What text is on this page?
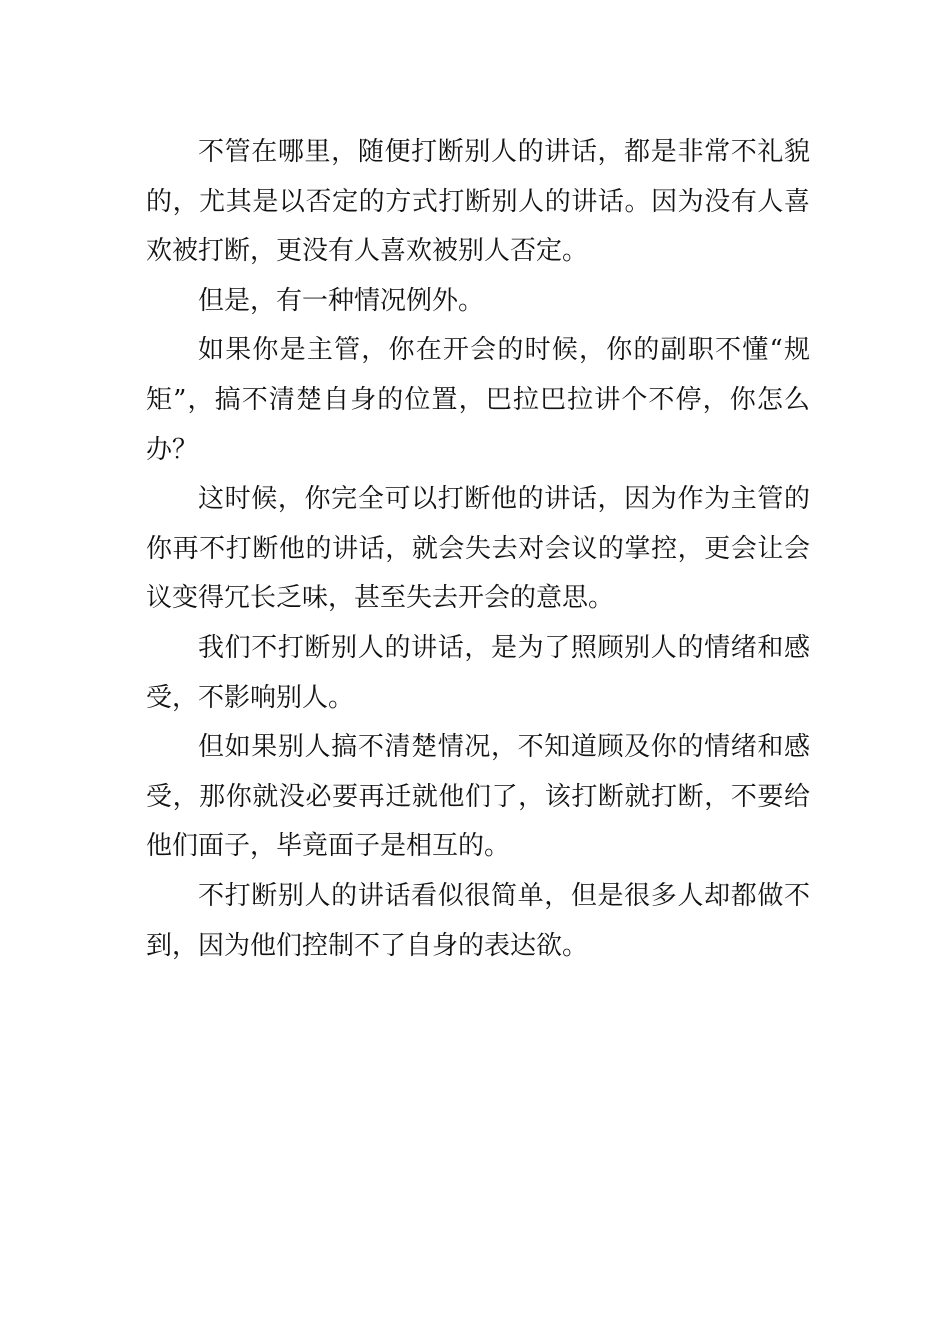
不管在哪里，随便打断别人的讲话，都是非常不礼貌的，尤其是以否定的方式打断别人的讲话。因为没有人喜欢被打断，更没有人喜欢被别人否定。

但是，有一种情况例外。

如果你是主管，你在开会的时候，你的副职不懂“规矩”，搞不清楚自身的位置，巴拉巴拉讲个不停，你怎么办？

这时候，你完全可以打断他的讲话，因为作为主管的你再不打断他的讲话，就会失去对会议的掌控，更会让会议变得冗长乏味，甚至失去开会的意思。

我们不打断别人的讲话，是为了照顾别人的情绪和感受，不影响别人。

但如果别人搞不清楚情况，不知道顾及你的情绪和感受，那你就没必要再迁就他们了，该打断就打断，不要给他们面子，毕竟面子是相互的。

不打断别人的讲话看似很简单，但是很多人却都做不到，因为他们控制不了自身的表达欲。
